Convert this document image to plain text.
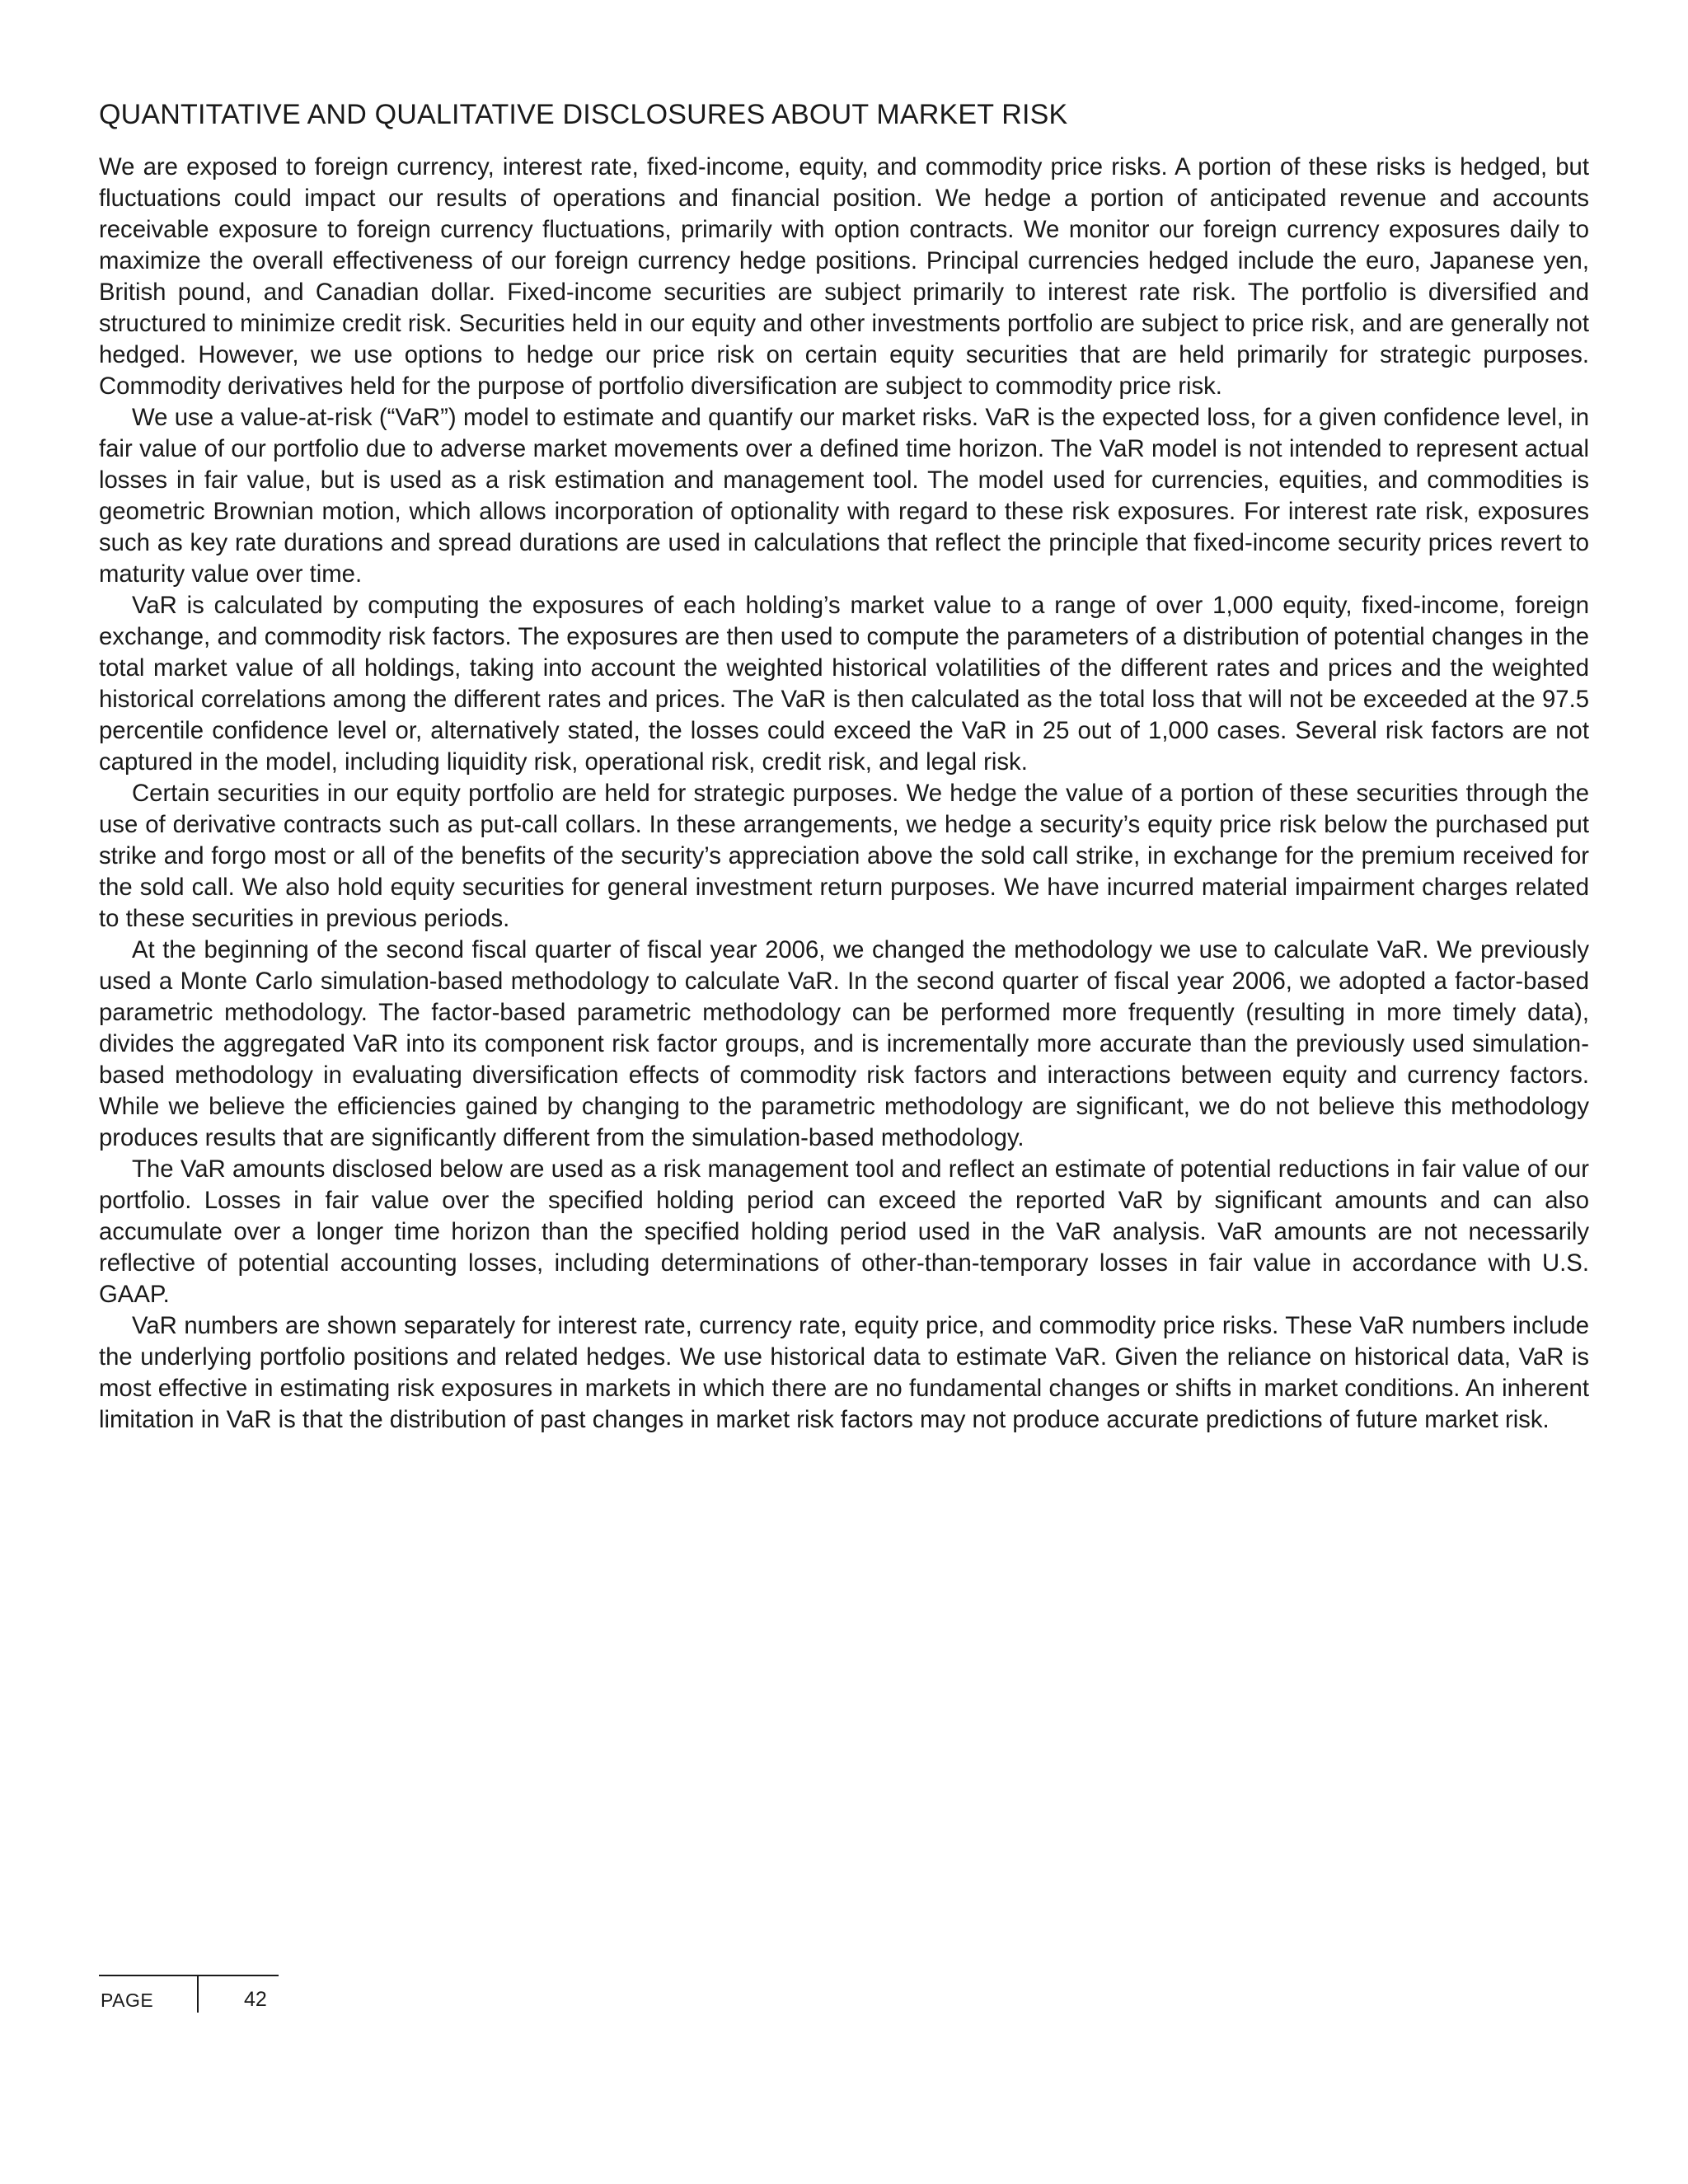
QUANTITATIVE AND QUALITATIVE DISCLOSURES ABOUT MARKET RISK

We are exposed to foreign currency, interest rate, fixed-income, equity, and commodity price risks. A portion of these risks is hedged, but fluctuations could impact our results of operations and financial position. We hedge a portion of anticipated revenue and accounts receivable exposure to foreign currency fluctuations, primarily with option contracts. We monitor our foreign currency exposures daily to maximize the overall effectiveness of our foreign currency hedge positions. Principal currencies hedged include the euro, Japanese yen, British pound, and Canadian dollar. Fixed-income securities are subject primarily to interest rate risk. The portfolio is diversified and structured to minimize credit risk. Securities held in our equity and other investments portfolio are subject to price risk, and are generally not hedged. However, we use options to hedge our price risk on certain equity securities that are held primarily for strategic purposes. Commodity derivatives held for the purpose of portfolio diversification are subject to commodity price risk.

We use a value-at-risk (“VaR”) model to estimate and quantify our market risks. VaR is the expected loss, for a given confidence level, in fair value of our portfolio due to adverse market movements over a defined time horizon. The VaR model is not intended to represent actual losses in fair value, but is used as a risk estimation and management tool. The model used for currencies, equities, and commodities is geometric Brownian motion, which allows incorporation of optionality with regard to these risk exposures. For interest rate risk, exposures such as key rate durations and spread durations are used in calculations that reflect the principle that fixed-income security prices revert to maturity value over time.

VaR is calculated by computing the exposures of each holding’s market value to a range of over 1,000 equity, fixed-income, foreign exchange, and commodity risk factors. The exposures are then used to compute the parameters of a distribution of potential changes in the total market value of all holdings, taking into account the weighted historical volatilities of the different rates and prices and the weighted historical correlations among the different rates and prices. The VaR is then calculated as the total loss that will not be exceeded at the 97.5 percentile confidence level or, alternatively stated, the losses could exceed the VaR in 25 out of 1,000 cases. Several risk factors are not captured in the model, including liquidity risk, operational risk, credit risk, and legal risk.

Certain securities in our equity portfolio are held for strategic purposes. We hedge the value of a portion of these securities through the use of derivative contracts such as put-call collars. In these arrangements, we hedge a security’s equity price risk below the purchased put strike and forgo most or all of the benefits of the security’s appreciation above the sold call strike, in exchange for the premium received for the sold call. We also hold equity securities for general investment return purposes. We have incurred material impairment charges related to these securities in previous periods.

At the beginning of the second fiscal quarter of fiscal year 2006, we changed the methodology we use to calculate VaR. We previously used a Monte Carlo simulation-based methodology to calculate VaR. In the second quarter of fiscal year 2006, we adopted a factor-based parametric methodology. The factor-based parametric methodology can be performed more frequently (resulting in more timely data), divides the aggregated VaR into its component risk factor groups, and is incrementally more accurate than the previously used simulation-based methodology in evaluating diversification effects of commodity risk factors and interactions between equity and currency factors. While we believe the efficiencies gained by changing to the parametric methodology are significant, we do not believe this methodology produces results that are significantly different from the simulation-based methodology.

The VaR amounts disclosed below are used as a risk management tool and reflect an estimate of potential reductions in fair value of our portfolio. Losses in fair value over the specified holding period can exceed the reported VaR by significant amounts and can also accumulate over a longer time horizon than the specified holding period used in the VaR analysis. VaR amounts are not necessarily reflective of potential accounting losses, including determinations of other-than-temporary losses in fair value in accordance with U.S. GAAP.

VaR numbers are shown separately for interest rate, currency rate, equity price, and commodity price risks. These VaR numbers include the underlying portfolio positions and related hedges. We use historical data to estimate VaR. Given the reliance on historical data, VaR is most effective in estimating risk exposures in markets in which there are no fundamental changes or shifts in market conditions. An inherent limitation in VaR is that the distribution of past changes in market risk factors may not produce accurate predictions of future market risk.

PAGE	42
